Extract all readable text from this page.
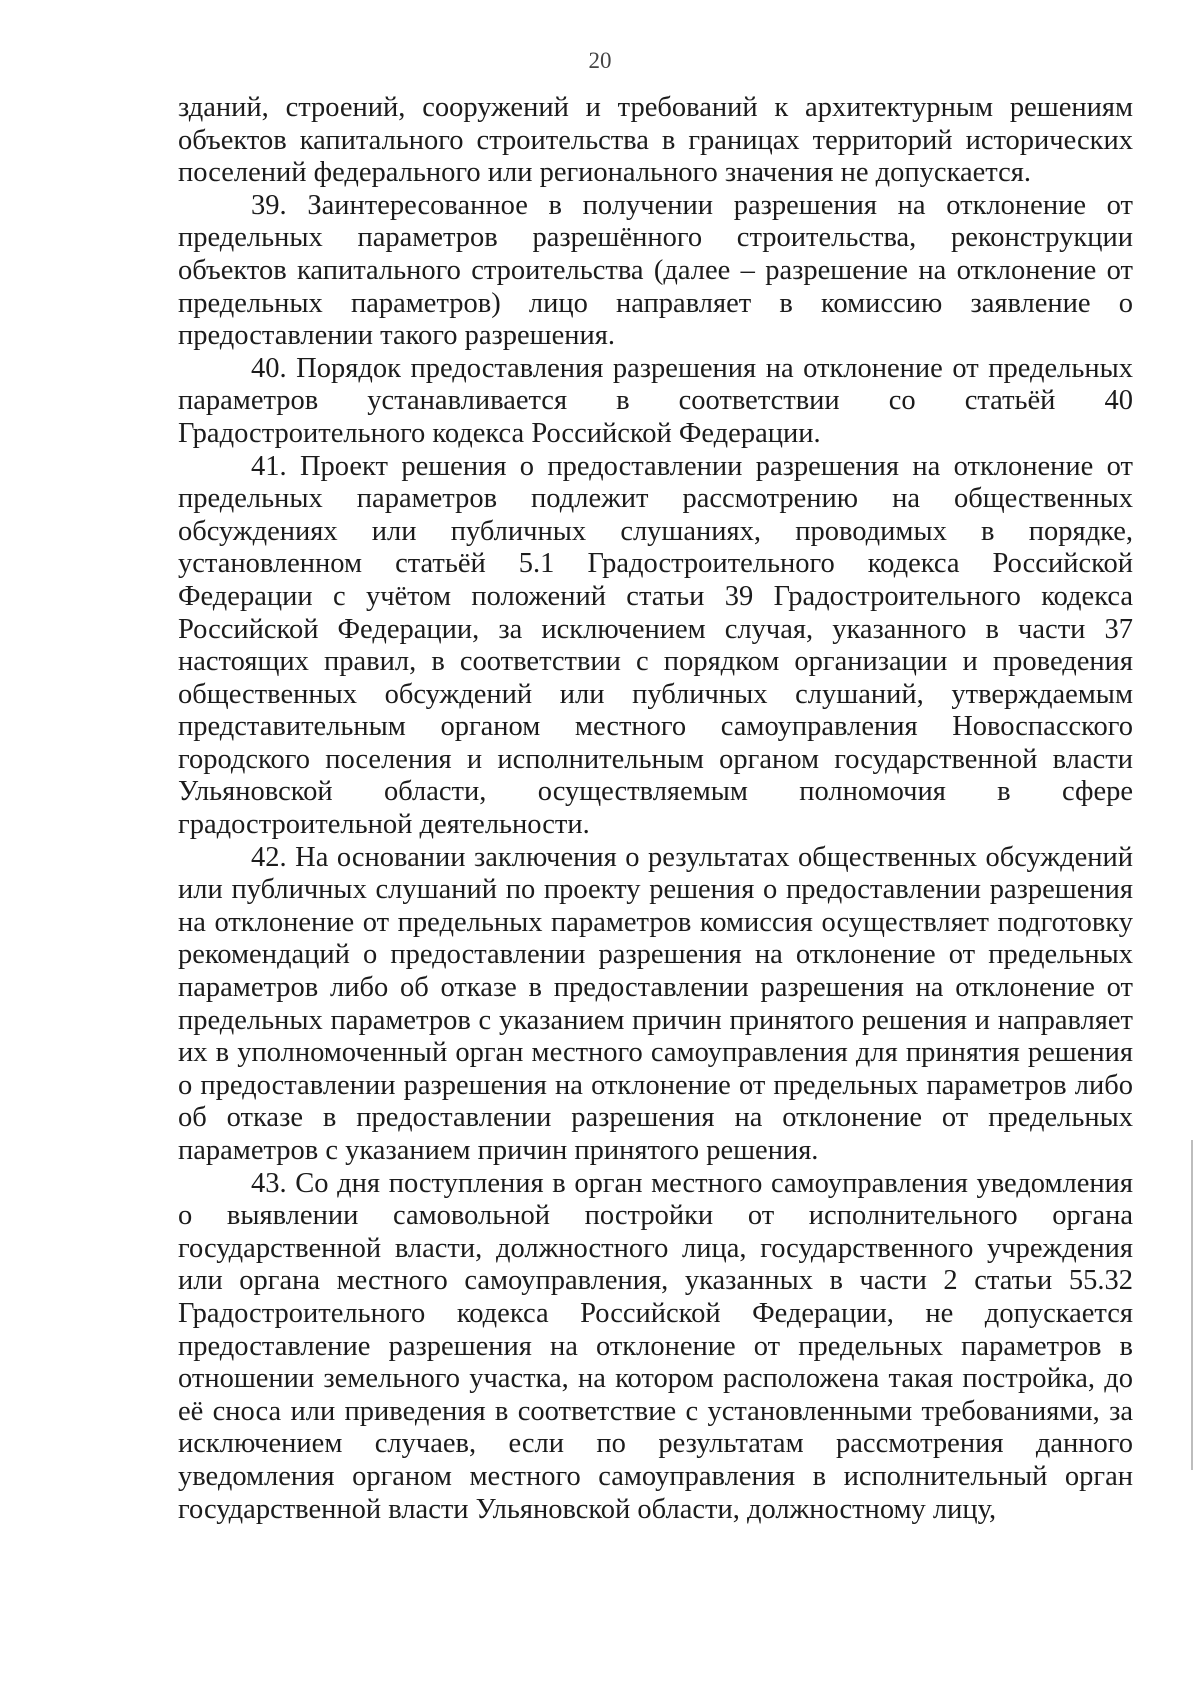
20

зданий, строений, сооружений и требований к архитектурным решениям объектов капитального строительства в границах территорий исторических поселений федерального или регионального значения не допускается.

39. Заинтересованное в получении разрешения на отклонение от предельных параметров разрешённого строительства, реконструкции объектов капитального строительства (далее – разрешение на отклонение от предельных параметров) лицо направляет в комиссию заявление о предоставлении такого разрешения.

40. Порядок предоставления разрешения на отклонение от предельных параметров устанавливается в соответствии со статьёй 40 Градостроительного кодекса Российской Федерации.

41. Проект решения о предоставлении разрешения на отклонение от предельных параметров подлежит рассмотрению на общественных обсуждениях или публичных слушаниях, проводимых в порядке, установленном статьёй 5.1 Градостроительного кодекса Российской Федерации с учётом положений статьи 39 Градостроительного кодекса Российской Федерации, за исключением случая, указанного в части 37 настоящих правил, в соответствии с порядком организации и проведения общественных обсуждений или публичных слушаний, утверждаемым представительным органом местного самоуправления Новоспасского городского поселения и исполнительным органом государственной власти Ульяновской области, осуществляемым полномочия в сфере градостроительной деятельности.

42. На основании заключения о результатах общественных обсуждений или публичных слушаний по проекту решения о предоставлении разрешения на отклонение от предельных параметров комиссия осуществляет подготовку рекомендаций о предоставлении разрешения на отклонение от предельных параметров либо об отказе в предоставлении разрешения на отклонение от предельных параметров с указанием причин принятого решения и направляет их в уполномоченный орган местного самоуправления для принятия решения о предоставлении разрешения на отклонение от предельных параметров либо об отказе в предоставлении разрешения на отклонение от предельных параметров с указанием причин принятого решения.

43. Со дня поступления в орган местного самоуправления уведомления о выявлении самовольной постройки от исполнительного органа государственной власти, должностного лица, государственного учреждения или органа местного самоуправления, указанных в части 2 статьи 55.32 Градостроительного кодекса Российской Федерации, не допускается предоставление разрешения на отклонение от предельных параметров в отношении земельного участка, на котором расположена такая постройка, до её сноса или приведения в соответствие с установленными требованиями, за исключением случаев, если по результатам рассмотрения данного уведомления органом местного самоуправления в исполнительный орган государственной власти Ульяновской области, должностному лицу,
